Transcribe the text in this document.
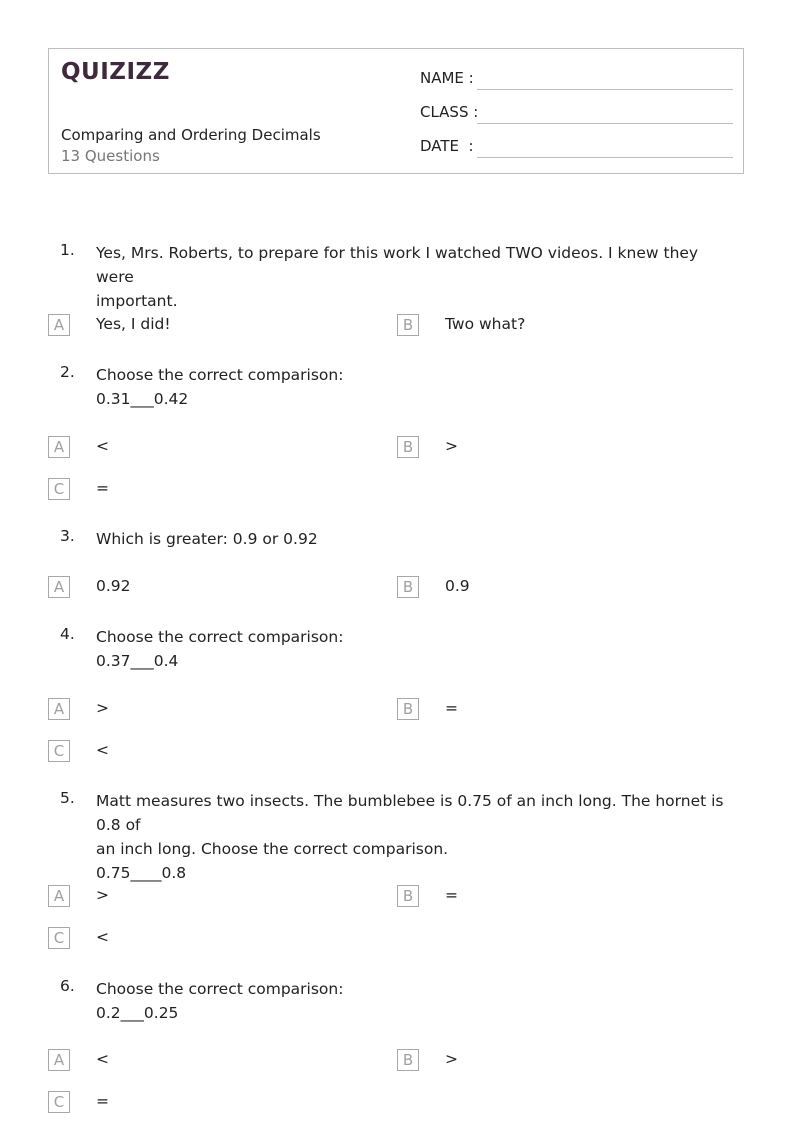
QUIZIZZ
Comparing and Ordering Decimals
13 Questions
NAME :
CLASS :
DATE  :
1. Yes, Mrs. Roberts, to prepare for this work I watched TWO videos. I knew they were
important.
A	Yes, I did!	B	Two what?
2. Choose the correct comparison:
0.31___0.42
A	<	B	>
C	=
3. Which is greater: 0.9 or 0.92
A	0.92	B	0.9
4. Choose the correct comparison:
0.37___0.4
A	>	B	=
C	<
5. Matt measures two insects. The bumblebee is 0.75 of an inch long. The hornet is 0.8 of
an inch long. Choose the correct comparison.
0.75____0.8
A	>	B	=
C	<
6. Choose the correct comparison:
0.2___0.25
A	<	B	>
C	=
